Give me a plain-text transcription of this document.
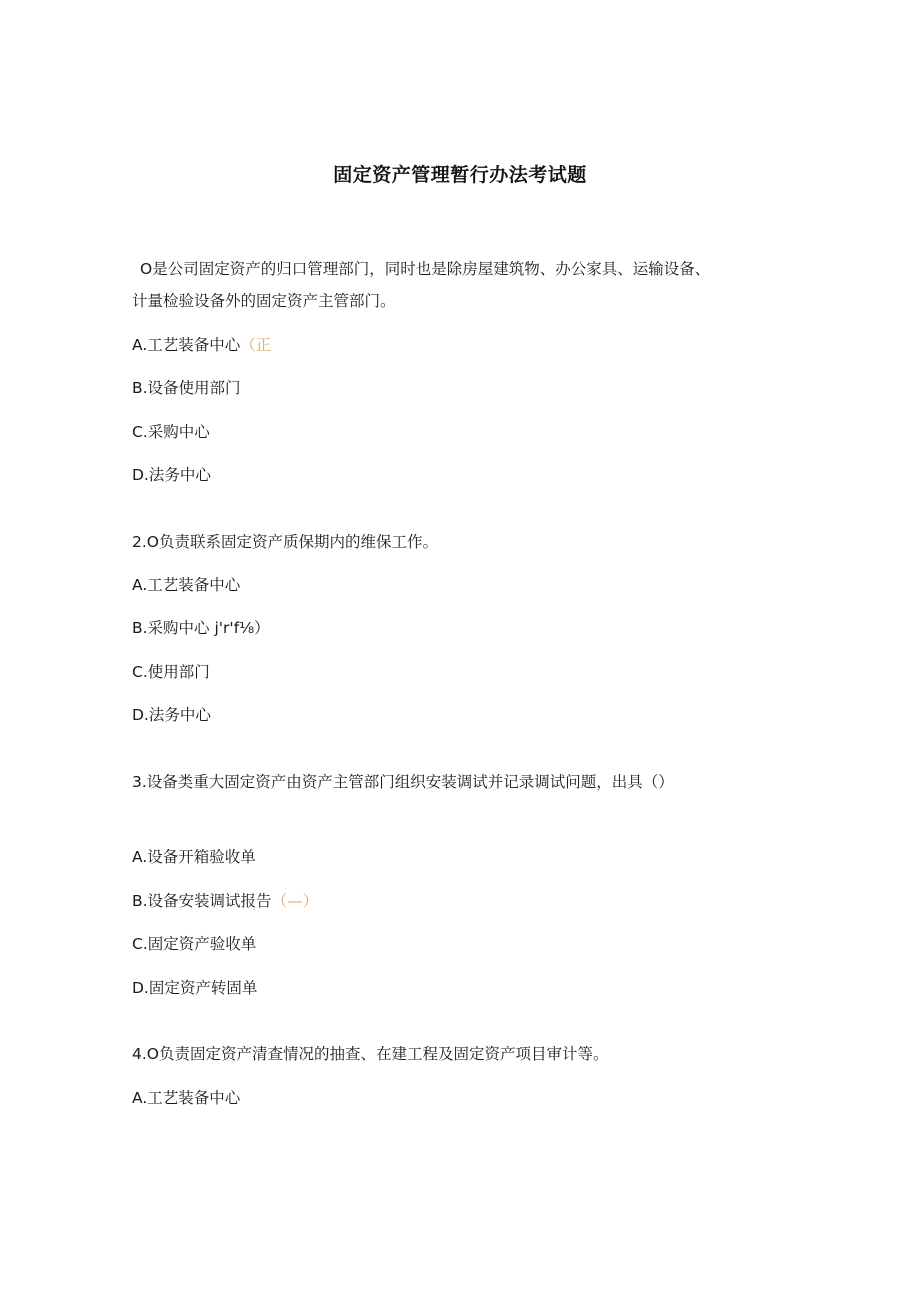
固定资产管理暂行办法考试题
O是公司固定资产的归口管理部门，同时也是除房屋建筑物、办公家具、运输设备、
计量检验设备外的固定资产主管部门。
A.工艺装备中心（正
B.设备使用部门
C.采购中心
D.法务中心
2.O负责联系固定资产质保期内的维保工作。
A.工艺装备中心
B.采购中心 j'r'f⅛）
C.使用部门
D.法务中心
3.设备类重大固定资产由资产主管部门组织安装调试并记录调试问题，出具（）
A.设备开箱验收单
B.设备安装调试报告（—）
C.固定资产验收单
D.固定资产转固单
4.O负责固定资产清查情况的抽查、在建工程及固定资产项目审计等。
A.工艺装备中心
